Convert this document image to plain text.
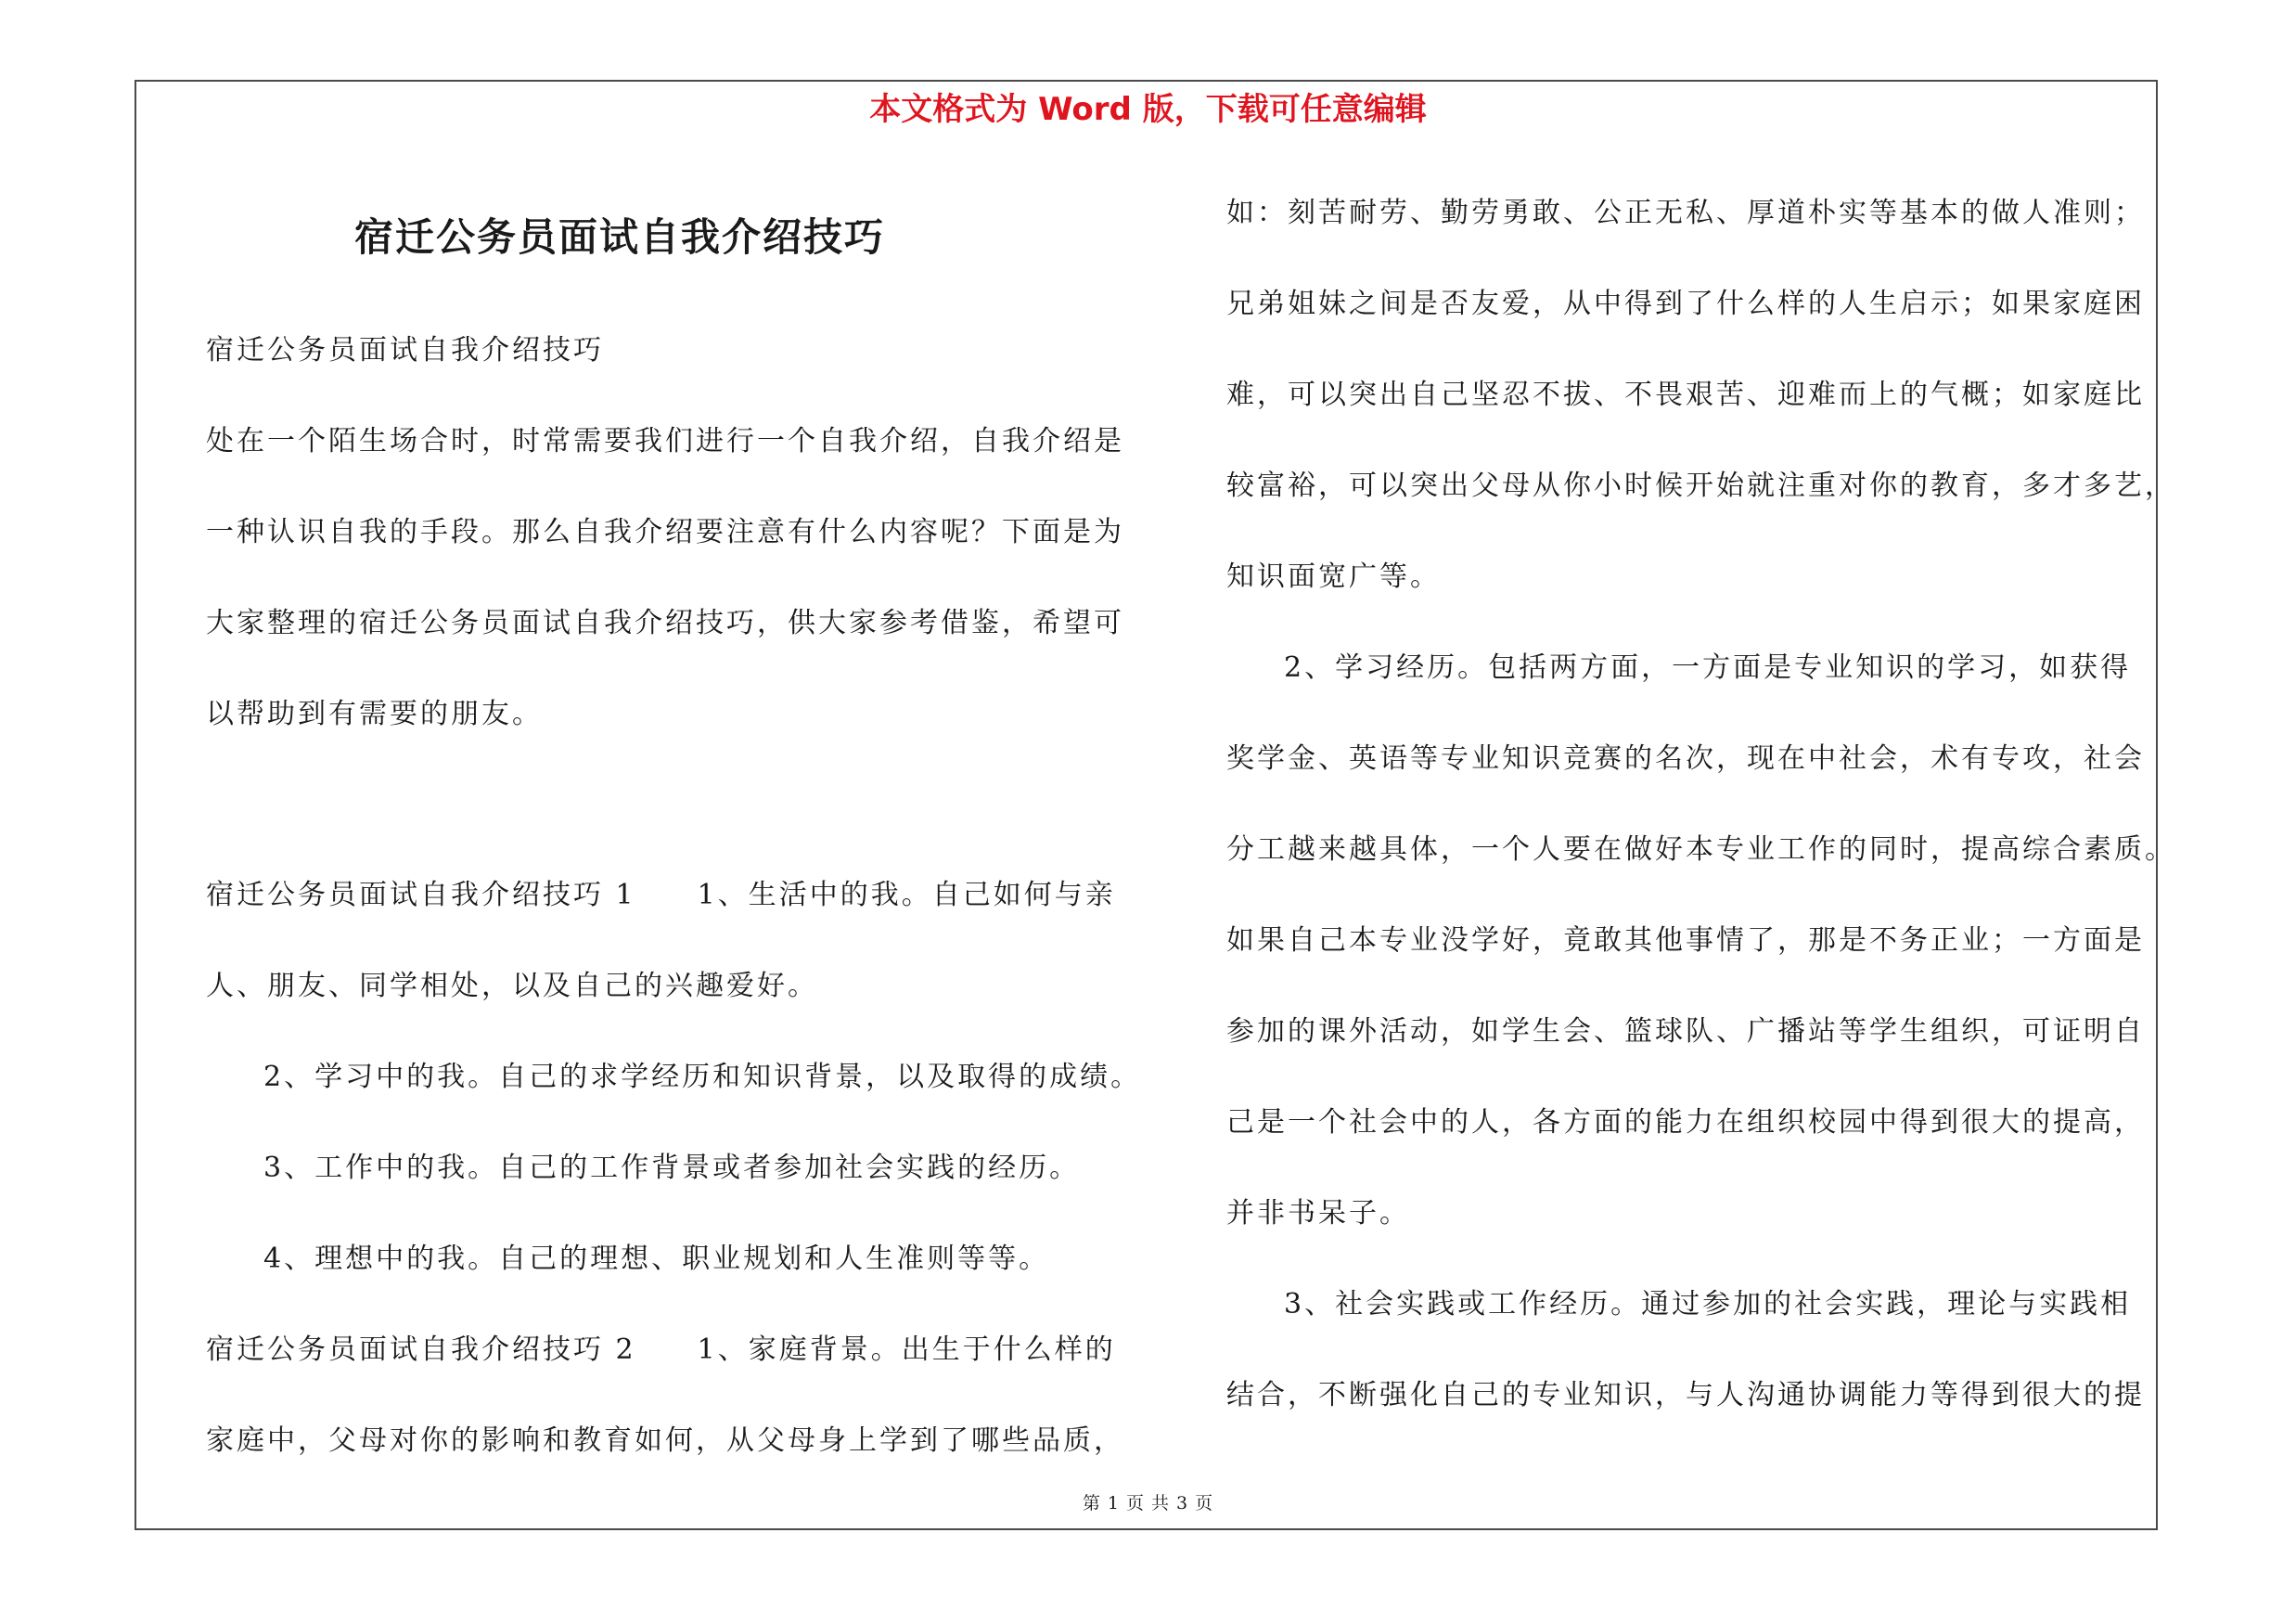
本文格式为 Word 版，下载可任意编辑
宿迁公务员面试自我介绍技巧
宿迁公务员面试自我介绍技巧
处在一个陌生场合时，时常需要我们进行一个自我介绍，自我介绍是
一种认识自我的手段。那么自我介绍要注意有什么内容呢？下面是为
大家整理的宿迁公务员面试自我介绍技巧，供大家参考借鉴，希望可
以帮助到有需要的朋友。
宿迁公务员面试自我介绍技巧 1　　1、生活中的我。自己如何与亲
人、朋友、同学相处，以及自己的兴趣爱好。
2、学习中的我。自己的求学经历和知识背景，以及取得的成绩。
3、工作中的我。自己的工作背景或者参加社会实践的经历。
4、理想中的我。自己的理想、职业规划和人生准则等等。
宿迁公务员面试自我介绍技巧 2　　1、家庭背景。出生于什么样的
家庭中，父母对你的影响和教育如何，从父母身上学到了哪些品质，
如：刻苦耐劳、勤劳勇敢、公正无私、厚道朴实等基本的做人准则；
兄弟姐妹之间是否友爱，从中得到了什么样的人生启示；如果家庭困
难，可以突出自己坚忍不拔、不畏艰苦、迎难而上的气概；如家庭比
较富裕，可以突出父母从你小时候开始就注重对你的教育，多才多艺，
知识面宽广等。
2、学习经历。包括两方面，一方面是专业知识的学习，如获得
奖学金、英语等专业知识竞赛的名次，现在中社会，术有专攻，社会
分工越来越具体，一个人要在做好本专业工作的同时，提高综合素质。
如果自己本专业没学好，竟敢其他事情了，那是不务正业；一方面是
参加的课外活动，如学生会、篮球队、广播站等学生组织，可证明自
己是一个社会中的人，各方面的能力在组织校园中得到很大的提高，
并非书呆子。
3、社会实践或工作经历。通过参加的社会实践，理论与实践相
结合，不断强化自己的专业知识，与人沟通协调能力等得到很大的提
第 1 页 共 3 页
